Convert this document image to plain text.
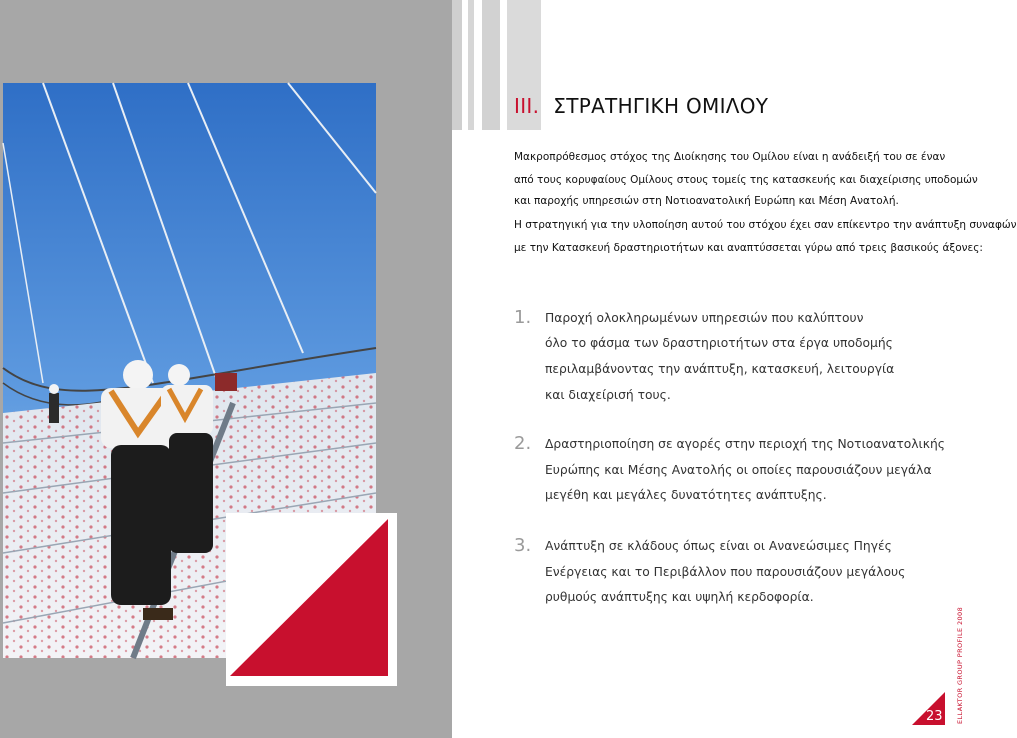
III. ΣΤΡΑΤΗΓΙΚΗ ΟΜΙΛΟΥ
Μακροπρόθεσμος στόχος της Διοίκησης του Ομίλου είναι η ανάδειξή του σε έναν
από τους κορυφαίους Ομίλους στους τομείς της κατασκευής και διαχείρισης υποδομών
και παροχής υπηρεσιών στη Νοτιοανατολική Ευρώπη και Μέση Ανατολή.
Η στρατηγική για την υλοποίηση αυτού του στόχου έχει σαν επίκεντρο την ανάπτυξη συναφών
με την Κατασκευή δραστηριοτήτων και αναπτύσσεται γύρω από τρεις βασικούς άξονες:
1. Παροχή ολοκληρωμένων υπηρεσιών που καλύπτουν
όλο το φάσμα των δραστηριοτήτων στα έργα υποδομής
περιλαμβάνοντας την ανάπτυξη, κατασκευή, λειτουργία
και διαχείρισή τους.
2. Δραστηριοποίηση σε αγορές στην περιοχή της Νοτιοανατολικής
Ευρώπης και Μέσης Ανατολής οι οποίες παρουσιάζουν μεγάλα
μεγέθη και μεγάλες δυνατότητες ανάπτυξης.
3. Ανάπτυξη σε κλάδους όπως είναι οι Ανανεώσιμες Πηγές
Ενέργειας και το Περιβάλλον που παρουσιάζουν μεγάλους
ρυθμούς ανάπτυξης και υψηλή κερδοφορία.
ELLAKTOR GROUP PROFILE 2008
23
